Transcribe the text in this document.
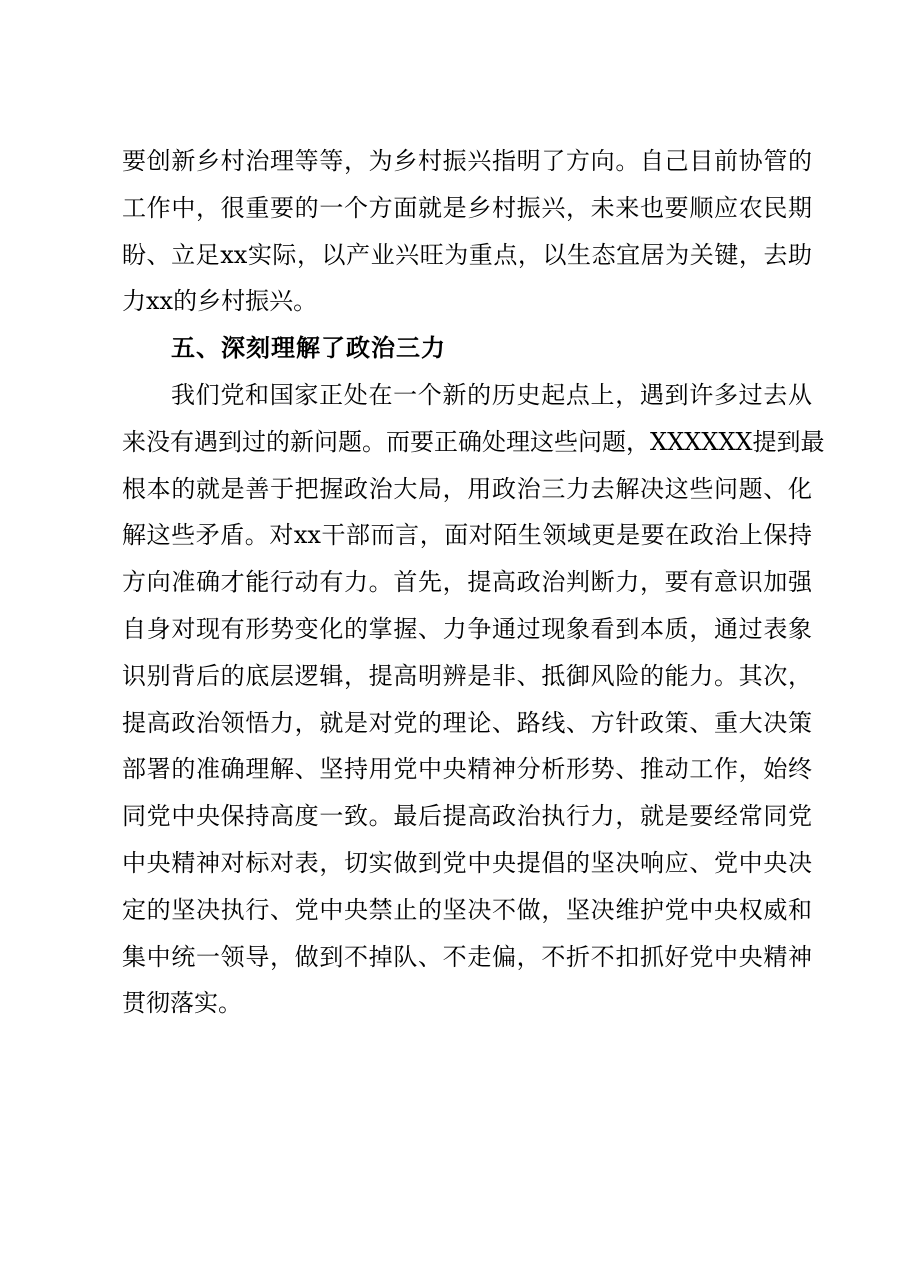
要创新乡村治理等等，为乡村振兴指明了方向。自己目前协管的
工作中，很重要的一个方面就是乡村振兴，未来也要顺应农民期
盼、立足xx实际，以产业兴旺为重点，以生态宜居为关键，去助
力xx的乡村振兴。
五、深刻理解了政治三力
我们党和国家正处在一个新的历史起点上，遇到许多过去从
来没有遇到过的新问题。而要正确处理这些问题，XXXXXX提到最
根本的就是善于把握政治大局，用政治三力去解决这些问题、化
解这些矛盾。对xx干部而言，面对陌生领域更是要在政治上保持
方向准确才能行动有力。首先，提高政治判断力，要有意识加强
自身对现有形势变化的掌握、力争通过现象看到本质，通过表象
识别背后的底层逻辑，提高明辨是非、抵御风险的能力。其次，
提高政治领悟力，就是对党的理论、路线、方针政策、重大决策
部署的准确理解、坚持用党中央精神分析形势、推动工作，始终
同党中央保持高度一致。最后提高政治执行力，就是要经常同党
中央精神对标对表，切实做到党中央提倡的坚决响应、党中央决
定的坚决执行、党中央禁止的坚决不做，坚决维护党中央权威和
集中统一领导，做到不掉队、不走偏，不折不扣抓好党中央精神
贯彻落实。
